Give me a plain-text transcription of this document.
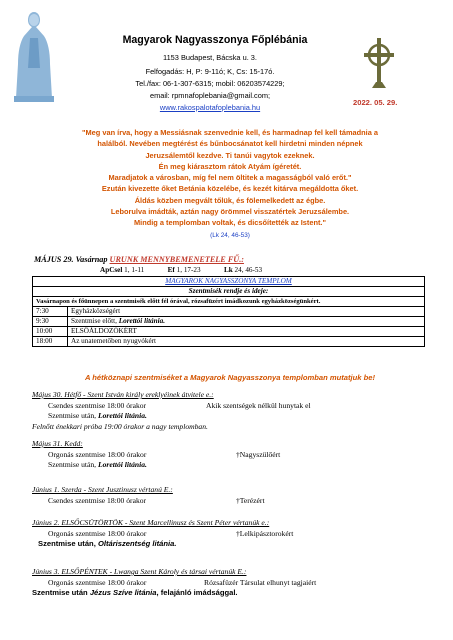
Magyarok Nagyasszonya Főplébánia
1153 Budapest, Bácska u. 3.
Felfogadás: H, P: 9-11ó; K, Cs: 15-17ó.
Tel./fax: 06-1-307-6315; mobil: 06203574229;
email: rpmnafoplebania@gmail.com;
www.rakospalotafoplebania.hu
2022. 05. 29.
"Meg van írva, hogy a Messiásnak szenvednie kell, és harmadnap fel kell támadnia a
halálból. Nevében megtérést és bűnbocsánatot kell hirdetni minden népnek
Jeruzsálemtől kezdve. Ti tanúi vagytok ezeknek.
Én meg kiárasztom rátok Atyám ígéretét.
Maradjatok a városban, míg fel nem öltitek a magasságból való erőt."
Ezután kivezette őket Betánia közelébe, és kezét kitárva megáldotta őket.
Áldás közben megvált tőlük, és fölemelkedett az égbe.
Leborulva imádták, aztán nagy örömmel visszatértek Jeruzsálembe.
Mindig a templomban voltak, és dicsőítették az Istent."
(Lk 24, 46-53)
MÁJUS 29. Vasárnap URUNK MENNYBEMENETELE FŰ.:
ApCsel 1, 1-11	Ef 1, 17-23	Lk 24, 46-53
MAGYAROK NAGYASSZONYA TEMPLOM	
Szentmisék rendje és ideje:	
Vasárnapon és főünnepen a szentmisék előtt fél órával, rózsafüzért imádkozunk egyházközségünkért.	
7:30	Egyházközségért
9:30	Szentmise előtt, Lorettói litánia.
10:00	ELSŐÁLDOZÓKÉRT
18:00	Az unatemetőben nyugvókért
A hétköznapi szentmiséket a Magyarok Nagyasszonya templomban mutatjuk be!
Május 30. Hétfő - Szent István király ereklyéinek átvitele e.:
Csendes szentmise 18:00 órakor	Akik szentségek nélkül hunytak el
Szentmise után, Lorettói litánia.
Felnőtt énekkari próba 19:00 órakor a nagy templomban.
Május 31. Kedd:
Orgonás szentmise 18:00 órakor	†Nagyszülőért
Szentmise után, Lorettói litánia.
Június 1. Szerda - Szent Jusztinusz vértanú E.:
Csendes szentmise 18:00 órakor	†Terézért
Június 2. ELSŐCSÜTÖRTÖK - Szent Marcellinusz és Szent Péter vértanúk e.:
Orgonás szentmise 18:00 órakor	†Lelkipásztorokért
Szentmise után, Oltáriszentség litánia.
Június 3. ELSŐPÉNTEK - Lwanga Szent Károly és társai vértanúk E.:
Orgonás szentmise 18:00 órakor	Rózsafüzér Társulat elhunyt tagjaiért
Szentmise után Jézus Szíve litánia, felajánló imádsággal.
